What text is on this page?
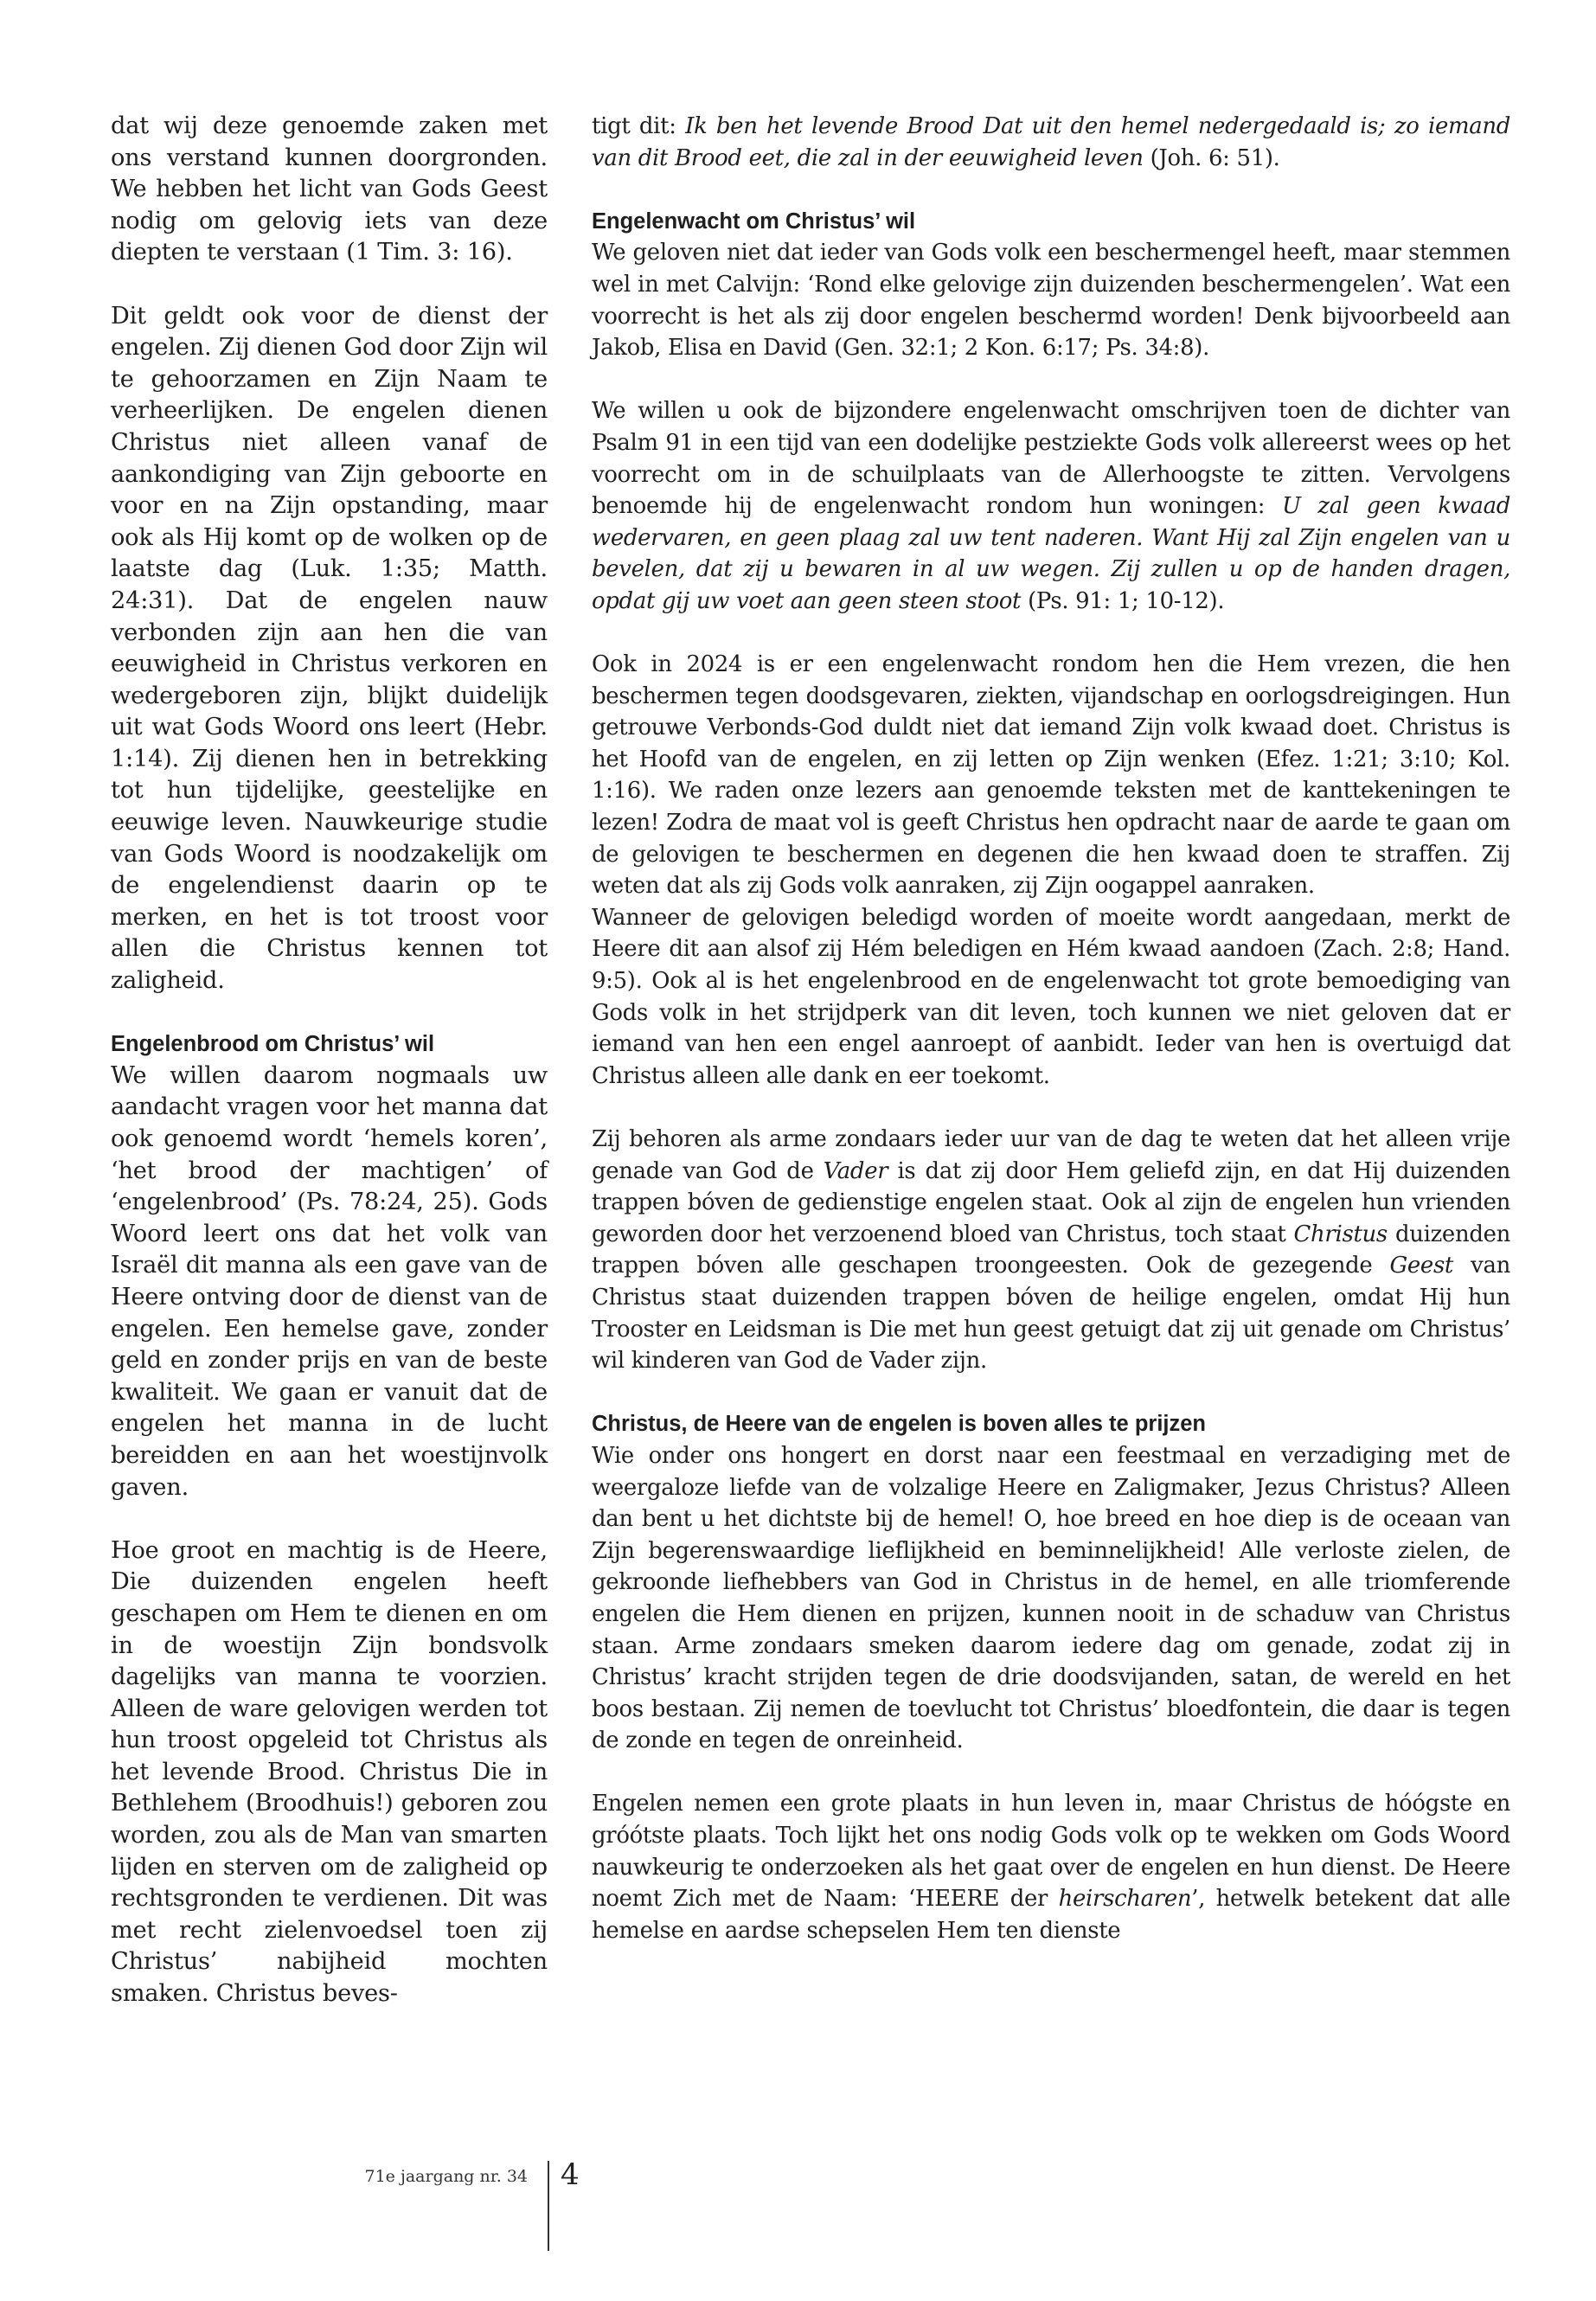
dat wij deze genoemde zaken met ons verstand kunnen doorgronden. We hebben het licht van Gods Geest nodig om gelovig iets van deze diepten te verstaan (1 Tim. 3: 16).

Dit geldt ook voor de dienst der engelen. Zij dienen God door Zijn wil te gehoorzamen en Zijn Naam te verheerlijken. De engelen dienen Christus niet alleen vanaf de aankondiging van Zijn geboorte en voor en na Zijn opstanding, maar ook als Hij komt op de wolken op de laatste dag (Luk. 1:35; Matth. 24:31). Dat de engelen nauw verbonden zijn aan hen die van eeuwigheid in Christus verkoren en wedergeboren zijn, blijkt duidelijk uit wat Gods Woord ons leert (Hebr. 1:14). Zij dienen hen in betrekking tot hun tijdelijke, geestelijke en eeuwige leven. Nauwkeurige studie van Gods Woord is noodzakelijk om de engelendienst daarin op te merken, en het is tot troost voor allen die Christus kennen tot zaligheid.

Engelenbrood om Christus’ wil

We willen daarom nogmaals uw aandacht vragen voor het manna dat ook genoemd wordt ‘hemels koren’, ‘het brood der machtigen’ of ‘engelenbrood’ (Ps. 78:24, 25). Gods Woord leert ons dat het volk van Israël dit manna als een gave van de Heere ontving door de dienst van de engelen. Een hemelse gave, zonder geld en zonder prijs en van de beste kwaliteit. We gaan er vanuit dat de engelen het manna in de lucht bereidden en aan het woestijnvolk gaven.

Hoe groot en machtig is de Heere, Die duizenden engelen heeft geschapen om Hem te dienen en om in de woestijn Zijn bondsvolk dagelijks van manna te voorzien. Alleen de ware gelovigen werden tot hun troost opgeleid tot Christus als het levende Brood. Christus Die in Bethlehem (Broodhuis!) geboren zou worden, zou als de Man van smarten lijden en sterven om de zaligheid op rechtsgronden te verdienen. Dit was met recht zielenvoedsel toen zij Christus’ nabijheid mochten smaken. Christus beves-

tigt dit: Ik ben het levende Brood Dat uit den hemel nedergedaald is; zo iemand van dit Brood eet, die zal in der eeuwigheid leven (Joh. 6: 51).

Engelenwacht om Christus’ wil

We geloven niet dat ieder van Gods volk een beschermengel heeft, maar stemmen wel in met Calvijn: ‘Rond elke gelovige zijn duizenden beschermengelen’. Wat een voorrecht is het als zij door engelen beschermd worden! Denk bijvoorbeeld aan Jakob, Elisa en David (Gen. 32:1; 2 Kon. 6:17; Ps. 34:8).

We willen u ook de bijzondere engelenwacht omschrijven toen de dichter van Psalm 91 in een tijd van een dodelijke pestziekte Gods volk allereerst wees op het voorrecht om in de schuilplaats van de Allerhoogste te zitten. Vervolgens benoemde hij de engelenwacht rondom hun woningen: U zal geen kwaad wedervaren, en geen plaag zal uw tent naderen. Want Hij zal Zijn engelen van u bevelen, dat zij u bewaren in al uw wegen. Zij zullen u op de handen dragen, opdat gij uw voet aan geen steen stoot (Ps. 91: 1; 10-12).

Ook in 2024 is er een engelenwacht rondom hen die Hem vrezen, die hen beschermen tegen doodsgevaren, ziekten, vijandschap en oorlogsdreigingen. Hun getrouwe Verbonds-God duldt niet dat iemand Zijn volk kwaad doet. Christus is het Hoofd van de engelen, en zij letten op Zijn wenken (Efez. 1:21; 3:10; Kol. 1:16). We raden onze lezers aan genoemde teksten met de kanttekeningen te lezen! Zodra de maat vol is geeft Christus hen opdracht naar de aarde te gaan om de gelovigen te beschermen en degenen die hen kwaad doen te straffen. Zij weten dat als zij Gods volk aanraken, zij Zijn oogappel aanraken.

Wanneer de gelovigen beledigd worden of moeite wordt aangedaan, merkt de Heere dit aan alsof zij Hém beledigen en Hém kwaad aandoen (Zach. 2:8; Hand. 9:5). Ook al is het engelenbrood en de engelenwacht tot grote bemoediging van Gods volk in het strijdperk van dit leven, toch kunnen we niet geloven dat er iemand van hen een engel aanroept of aanbidt. Ieder van hen is overtuigd dat Christus alleen alle dank en eer toekomt.

Zij behoren als arme zondaars ieder uur van de dag te weten dat het alleen vrije genade van God de Vader is dat zij door Hem geliefd zijn, en dat Hij duizenden trappen bóven de gedienstige engelen staat. Ook al zijn de engelen hun vrienden geworden door het verzoenend bloed van Christus, toch staat Christus duizenden trappen bóven alle geschapen troongeesten. Ook de gezegende Geest van Christus staat duizenden trappen bóven de heilige engelen, omdat Hij hun Trooster en Leidsman is Die met hun geest getuigt dat zij uit genade om Christus’ wil kinderen van God de Vader zijn.

Christus, de Heere van de engelen is boven alles te prijzen

Wie onder ons hongert en dorst naar een feestmaal en verzadiging met de weergaloze liefde van de volzalige Heere en Zaligmaker, Jezus Christus? Alleen dan bent u het dichtste bij de hemel! O, hoe breed en hoe diep is de oceaan van Zijn begerenswaardige lieflijkheid en beminnelijkheid! Alle verloste zielen, de gekroonde liefhebbers van God in Christus in de hemel, en alle triomferende engelen die Hem dienen en prijzen, kunnen nooit in de schaduw van Christus staan. Arme zondaars smeken daarom iedere dag om genade, zodat zij in Christus’ kracht strijden tegen de drie doodsvijanden, satan, de wereld en het boos bestaan. Zij nemen de toevlucht tot Christus’ bloedfontein, die daar is tegen de zonde en tegen de onreinheid.

Engelen nemen een grote plaats in hun leven in, maar Christus de hóógste en gróótste plaats. Toch lijkt het ons nodig Gods volk op te wekken om Gods Woord nauwkeurig te onderzoeken als het gaat over de engelen en hun dienst. De Heere noemt Zich met de Naam: ‘HEERE der heirscharen’, hetwelk betekent dat alle hemelse en aardse schepselen Hem ten dienste

71e jaargang nr. 34 4
